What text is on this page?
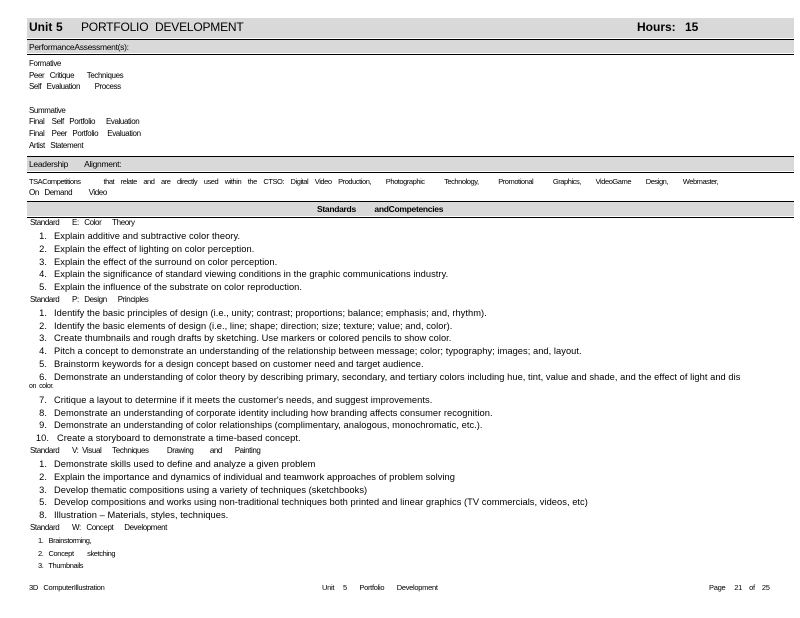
Unit 5 PORTFOLIO DEVELOPMENT	Hours: 15
PerformanceAssessment(s):
Formative
Peer   Critique       Techniques
Self   Evaluation        Process
Summative
Final    Self   Portfolio      Evaluation
Final    Peer   Portfolio     Evaluation
Artist   Statement
Leadership        Alignment:
TSACompetitions              that    relate    and    are    directly    used    within    the    CTSO:    Digital    Video    Production,         Photographic            Technology,            Promotional            Graphics,         VideoGame         Design,         Webmaster,
On   Demand         Video
Standards         andCompetencies
Standard       E:   Color      Theory
1. Explain additive and subtractive color theory.
2. Explain the effect of lighting on color perception.
3. Explain the effect of the surround on color perception.
4. Explain the significance of standard viewing conditions in the graphic communications industry.
5. Explain the influence of the substrate on color reproduction.
Standard       P:   Design      Principles
1. Identify the basic principles of design (i.e., unity; contrast; proportions; balance; emphasis; and, rhythm).
2. Identify the basic elements of design (i.e., line; shape; direction; size; texture; value; and, color).
3. Create thumbnails and rough drafts by sketching. Use markers or colored pencils to show color.
4. Pitch a concept to demonstrate an understanding of the relationship between message; color; typography; images; and, layout.
5. Brainstorm keywords for a design concept based on customer need and target audience.
6. Demonstrate an understanding of color theory by describing primary, secondary, and tertiary colors including hue, tint, value and shade, and the effect of light and dis
on  color.
7. Critique a layout to determine if it meets the customer's needs, and suggest improvements.
8. Demonstrate an understanding of corporate identity including how branding affects consumer recognition.
9. Demonstrate an understanding of color relationships (complimentary, analogous, monochromatic, etc.).
10. Create a storyboard to demonstrate a time-based concept.
Standard       V:  Visual      Techniques          Drawing         and       Painting
1. Demonstrate skills used to define and analyze a given problem
2. Explain the importance and dynamics of individual and teamwork approaches of problem solving
3. Develop thematic compositions using a variety of techniques (sketchbooks)
5. Develop compositions and works using non-traditional techniques both printed and linear graphics (TV commercials, videos, etc)
8. Illustration – Materials, styles, techniques.
Standard       W:   Concept      Development
1.   Brainstorming,
2.   Concept        sketching
3.   Thumbnails
3D   ComputerIllustration	Unit     5       Portfolio       Development	Page     21    of    25
